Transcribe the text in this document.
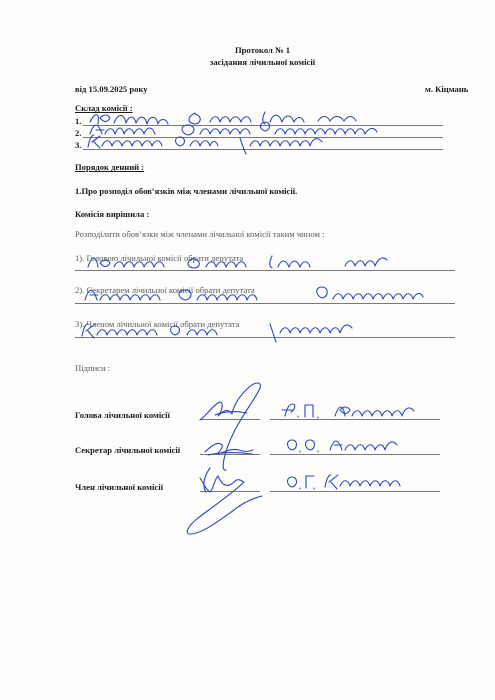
Протокол № 1
засідання лічильної комісії
від 15.09.2025 року	м. Кіцмань
Склад комісії :
1.
2.
3.
Порядок денний :
1.Про розподіл обов’язків між членами лічильної комісії.
Комісія вирішила :
Розподілити обов’язки між членами лічильної комісії таким чином :
1). Головою лічильної комісії обрати депутата
2). Секретарем лічильної комісії обрати депутата
3). Членом лічильної комісії обрати депутата
Підписи :
Голова лічильної комісії
Секретар лічильної комісії
Член лічильної комісії
